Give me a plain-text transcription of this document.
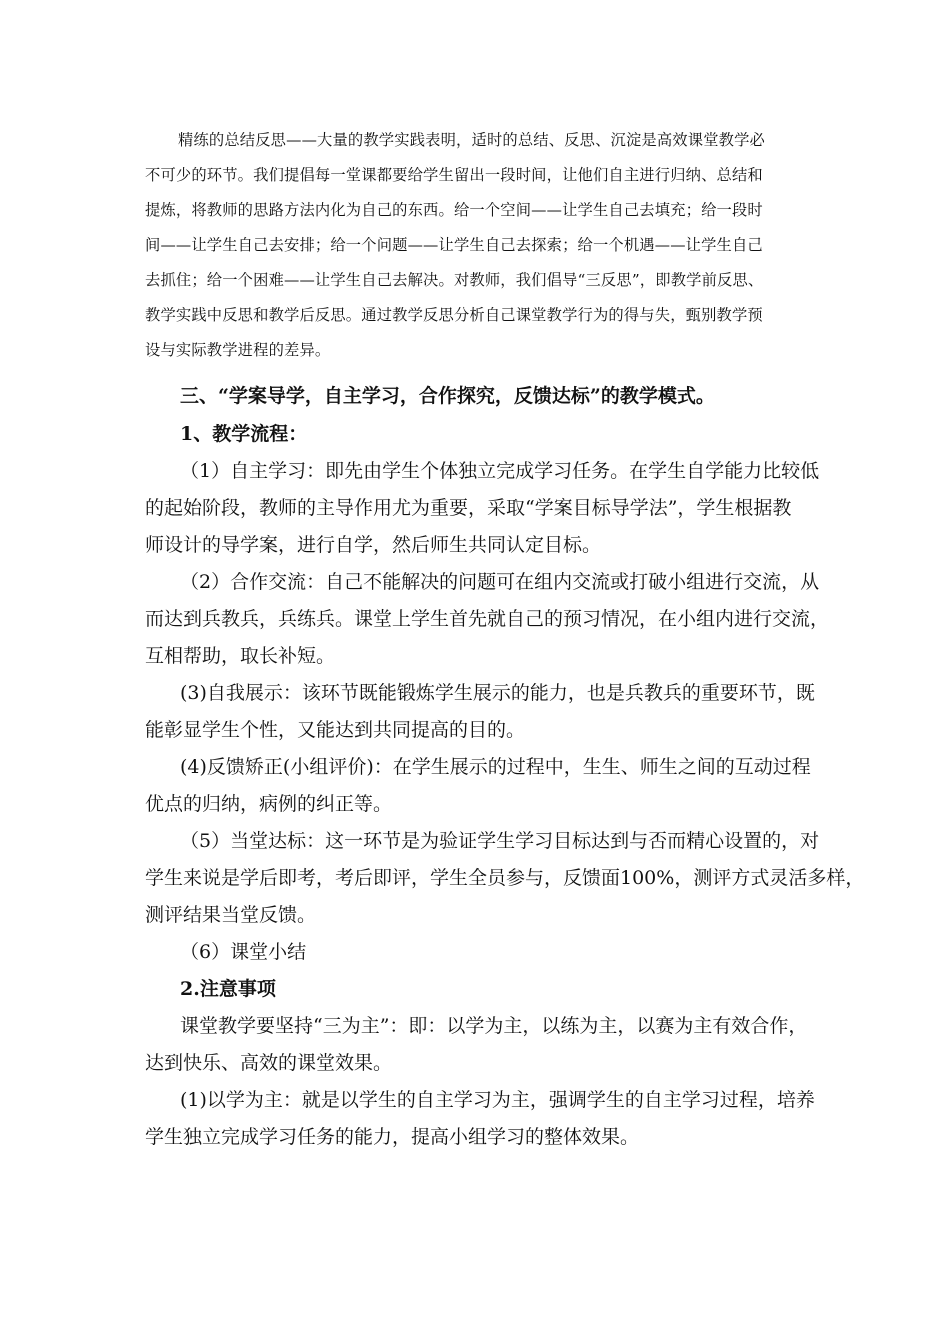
精练的总结反思——大量的教学实践表明，适时的总结、反思、沉淀是高效课堂教学必
不可少的环节。我们提倡每一堂课都要给学生留出一段时间，让他们自主进行归纳、总结和
提炼，将教师的思路方法内化为自己的东西。给一个空间——让学生自己去填充；给一段时
间——让学生自己去安排；给一个问题——让学生自己去探索；给一个机遇——让学生自己
去抓住；给一个困难——让学生自己去解决。对教师，我们倡导“三反思”，即教学前反思、
教学实践中反思和教学后反思。通过教学反思分析自己课堂教学行为的得与失，甄别教学预
设与实际教学进程的差异。
三、“学案导学，自主学习，合作探究，反馈达标”的教学模式。
1、教学流程：
（1）自主学习：即先由学生个体独立完成学习任务。在学生自学能力比较低
的起始阶段，教师的主导作用尤为重要，采取“学案目标导学法”，学生根据教
师设计的导学案，进行自学，然后师生共同认定目标。
（2）合作交流：自己不能解决的问题可在组内交流或打破小组进行交流，从
而达到兵教兵，兵练兵。课堂上学生首先就自己的预习情况，在小组内进行交流，
互相帮助，取长补短。
(3)自我展示：该环节既能锻炼学生展示的能力，也是兵教兵的重要环节，既
能彰显学生个性，又能达到共同提高的目的。
(4)反馈矫正(小组评价)：在学生展示的过程中，生生、师生之间的互动过程
优点的归纳，病例的纠正等。
（5）当堂达标：这一环节是为验证学生学习目标达到与否而精心设置的，对
学生来说是学后即考，考后即评，学生全员参与，反馈面100%，测评方式灵活多样，
测评结果当堂反馈。
（6）课堂小结
2.注意事项
课堂教学要坚持“三为主”：即：以学为主，以练为主，以赛为主有效合作，
达到快乐、高效的课堂效果。
(1)以学为主：就是以学生的自主学习为主，强调学生的自主学习过程，培养
学生独立完成学习任务的能力，提高小组学习的整体效果。
